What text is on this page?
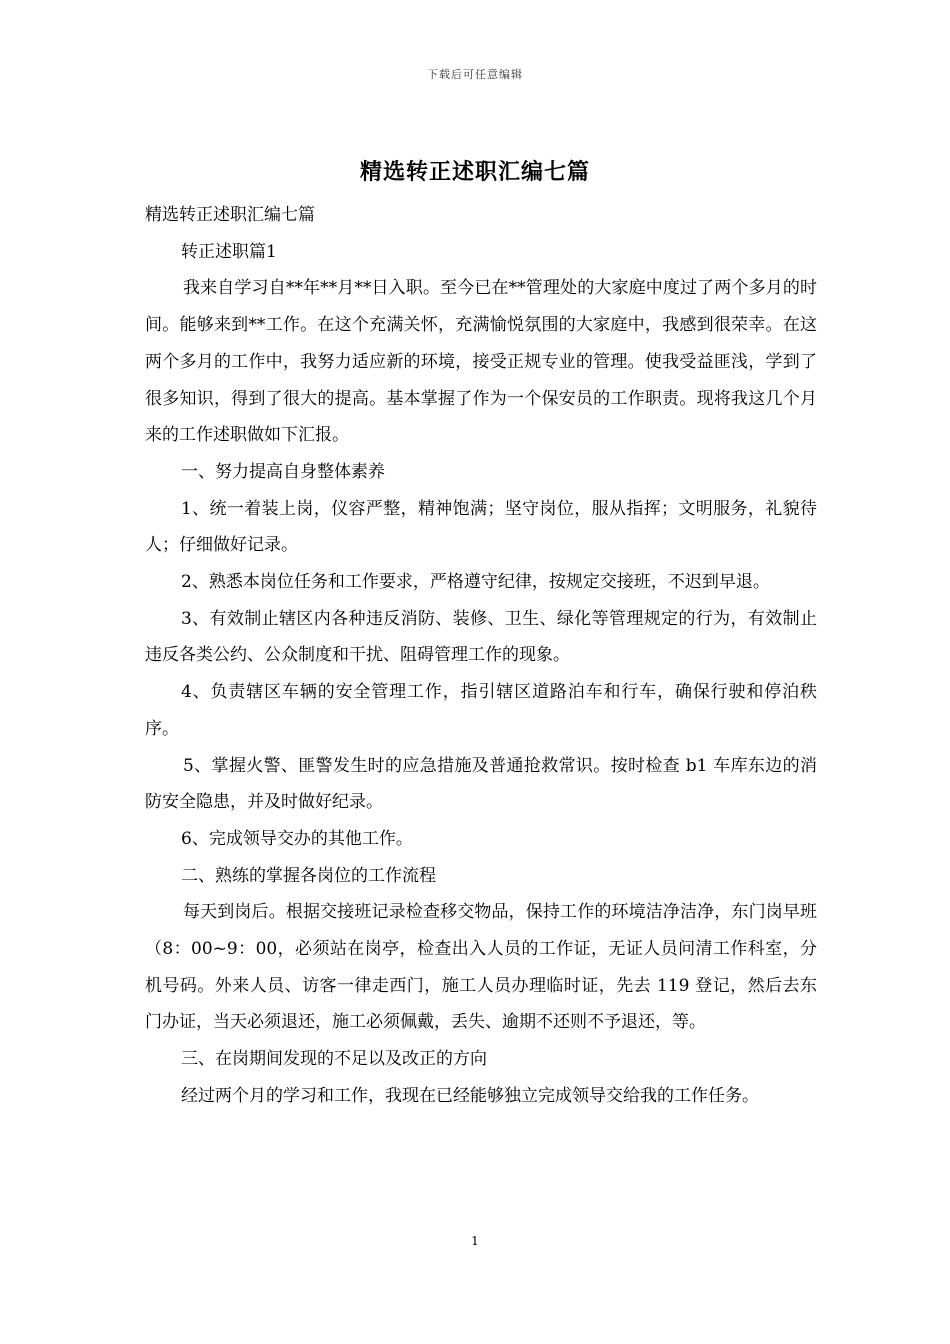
下载后可任意编辑
精选转正述职汇编七篇

精选转正述职汇编七篇

转正述职篇1

我来自学习自**年**月**日入职。至今已在**管理处的大家庭中度过了两个多月的时间。能够来到**工作。在这个充满关怀，充满愉悦氛围的大家庭中，我感到很荣幸。在这两个多月的工作中，我努力适应新的环境，接受正规专业的管理。使我受益匪浅，学到了很多知识，得到了很大的提高。基本掌握了作为一个保安员的工作职责。现将我这几个月来的工作述职做如下汇报。

一、努力提高自身整体素养

1、统一着装上岗，仪容严整，精神饱满；坚守岗位，服从指挥；文明服务，礼貌待人；仔细做好记录。

2、熟悉本岗位任务和工作要求，严格遵守纪律，按规定交接班，不迟到早退。

3、有效制止辖区内各种违反消防、装修、卫生、绿化等管理规定的行为，有效制止违反各类公约、公众制度和干扰、阻碍管理工作的现象。

4、负责辖区车辆的安全管理工作，指引辖区道路泊车和行车，确保行驶和停泊秩序。

5、掌握火警、匪警发生时的应急措施及普通抢救常识。按时检查 b1 车库东边的消防安全隐患，并及时做好纪录。

6、完成领导交办的其他工作。

二、熟练的掌握各岗位的工作流程

每天到岗后。根据交接班记录检查移交物品，保持工作的环境洁净洁净，东门岗早班（8：00~9：00，必须站在岗亭，检查出入人员的工作证，无证人员问清工作科室，分机号码。外来人员、访客一律走西门，施工人员办理临时证，先去 119 登记，然后去东门办证，当天必须退还，施工必须佩戴，丢失、逾期不还则不予退还，等。

三、在岗期间发现的不足以及改正的方向

经过两个月的学习和工作，我现在已经能够独立完成领导交给我的工作任务。

1
